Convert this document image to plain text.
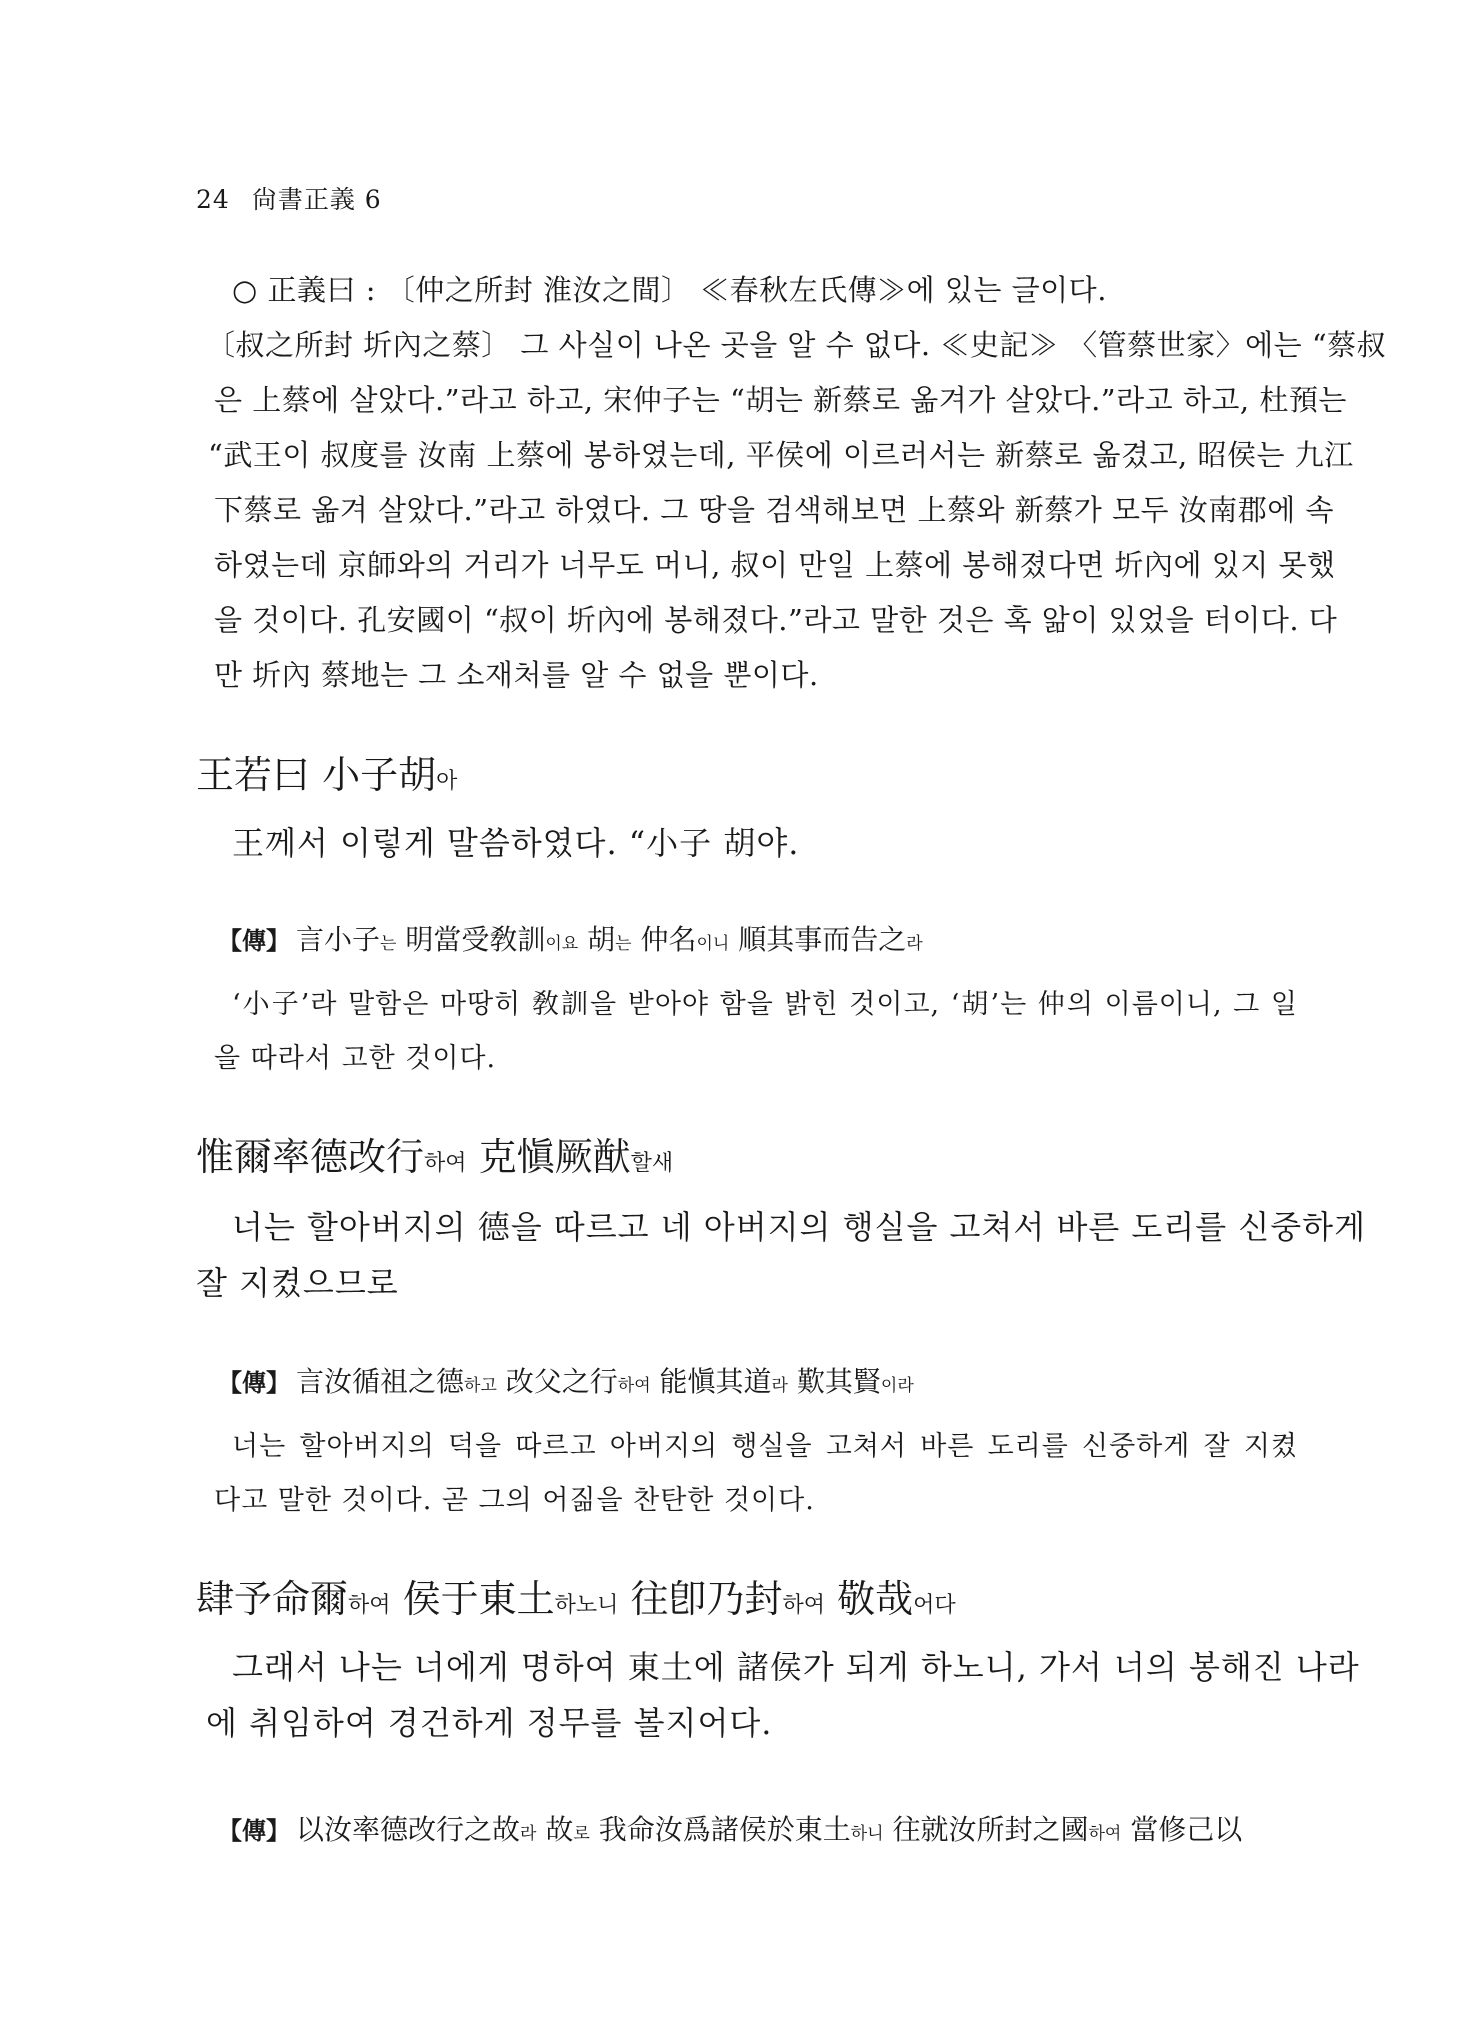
24 尙書正義 6
○ 正義曰 : 〔仲之所封 淮汝之間〕 ≪春秋左氏傳≫에 있는 글이다.
〔叔之所封 圻內之蔡〕 그 사실이 나온 곳을 알 수 없다. ≪史記≫ 〈管蔡世家〉에는 “蔡叔
은 上蔡에 살았다.”라고 하고, 宋仲子는 “胡는 新蔡로 옮겨가 살았다.”라고 하고, 杜預는
“武王이 叔度를 汝南 上蔡에 봉하였는데, 平侯에 이르러서는 新蔡로 옮겼고, 昭侯는 九江
下蔡로 옮겨 살았다.”라고 하였다. 그 땅을 검색해보면 上蔡와 新蔡가 모두 汝南郡에 속
하였는데 京師와의 거리가 너무도 머니, 叔이 만일 上蔡에 봉해졌다면 圻內에 있지 못했
을 것이다. 孔安國이 “叔이 圻內에 봉해졌다.”라고 말한 것은 혹 앎이 있었을 터이다. 다
만 圻內 蔡地는 그 소재처를 알 수 없을 뿐이다.
王若曰 小子胡아
王께서 이렇게 말씀하였다. “小子 胡야.
【傳】 言小子는 明當受敎訓이요 胡는 仲名이니 順其事而告之라
‘小子’라 말함은 마땅히 敎訓을 받아야 함을 밝힌 것이고, ‘胡’는 仲의 이름이니, 그 일
을 따라서 고한 것이다.
惟爾率德改行하여 克愼厥猷할새
너는 할아버지의 德을 따르고 네 아버지의 행실을 고쳐서 바른 도리를 신중하게
잘 지켰으므로
【傳】 言汝循祖之德하고 改父之行하여 能愼其道라 歎其賢이라
너는 할아버지의 덕을 따르고 아버지의 행실을 고쳐서 바른 도리를 신중하게 잘 지켰
다고 말한 것이다. 곧 그의 어짊을 찬탄한 것이다.
肆予命爾하여 侯于東土하노니 往卽乃封하여 敬哉어다
그래서 나는 너에게 명하여 東土에 諸侯가 되게 하노니, 가서 너의 봉해진 나라
에 취임하여 경건하게 정무를 볼지어다.
【傳】 以汝率德改行之故라 故로 我命汝爲諸侯於東土하니 往就汝所封之國하여 當修己以
